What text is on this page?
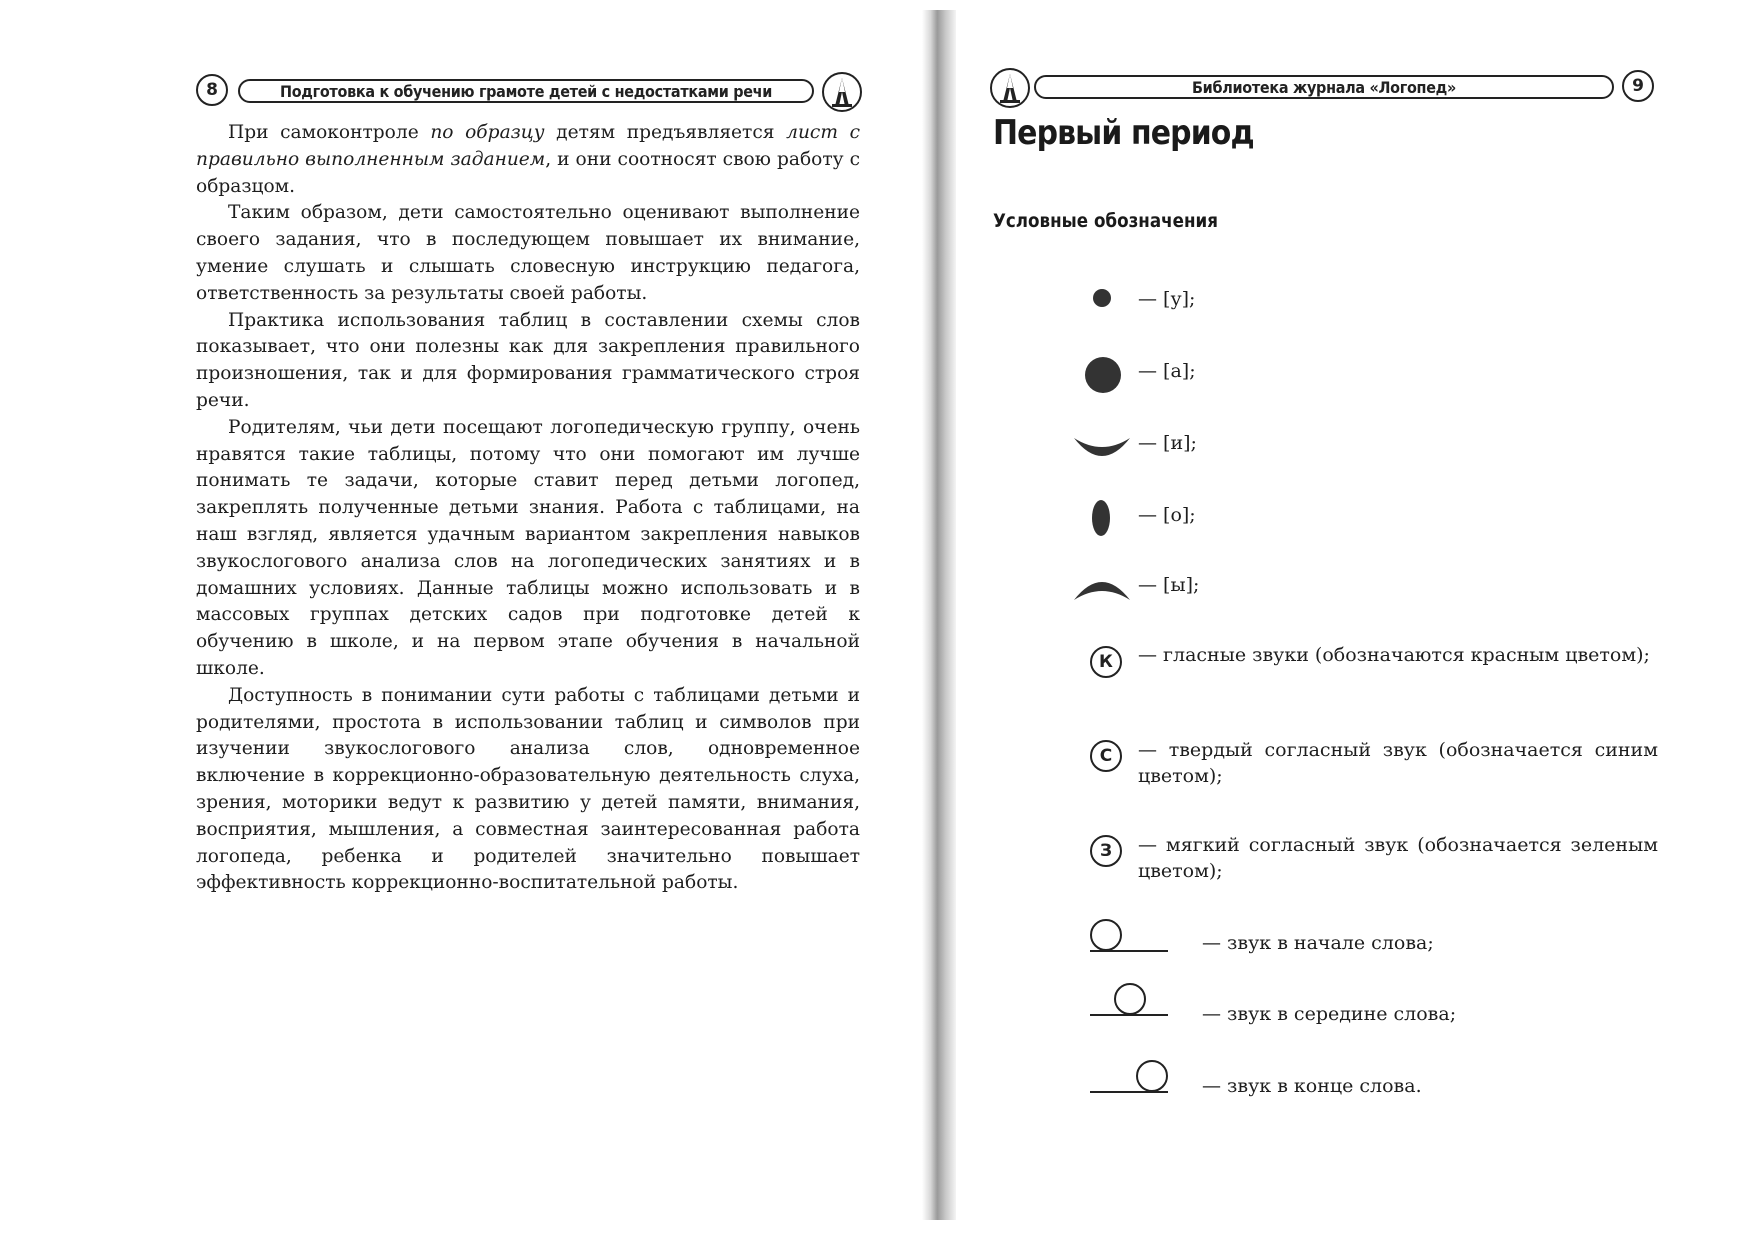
8	Подготовка к обучению грамоте детей с недостатками речи

При самоконтроле по образцу детям предъявляется лист с правильно выполненным заданием, и они соотносят свою работу с образцом.

Таким образом, дети самостоятельно оценивают выполнение своего задания, что в последующем повышает их внимание, умение слушать и слышать словесную инструкцию педагога, ответственность за результаты своей работы.

Практика использования таблиц в составлении схемы слов показывает, что они полезны как для закрепления правильного произношения, так и для формирования грамматического строя речи.

Родителям, чьи дети посещают логопедическую группу, очень нравятся такие таблицы, потому что они помогают им лучше понимать те задачи, которые ставит перед детьми логопед, закреплять полученные детьми знания. Работа с таблицами, на наш взгляд, является удачным вариантом закрепления навыков звукослогового анализа слов на логопедических занятиях и в домашних условиях. Данные таблицы можно использовать и в массовых группах детских садов при подготовке детей к обучению в школе, и на первом этапе обучения в начальной школе.

Доступность в понимании сути работы с таблицами детьми и родителями, простота в использовании таблиц и символов при изучении звукослогового анализа слов, одновременное включение в коррекционно-образовательную деятельность слуха, зрения, моторики ведут к развитию у детей памяти, внимания, восприятия, мышления, а совместная заинтересованная работа логопеда, ребенка и родителей значительно повышает эффективность коррекционно-воспитательной работы.

Библиотека журнала «Логопед»	9
Первый период
Условные обозначения
— [у];
— [а];
— [и];
— [о];
— [ы];
К	— гласные звуки (обозначаются красным цветом);
С	— твердый согласный звук (обозначается синим цветом);
З	— мягкий согласный звук (обозначается зеленым цветом);
— звук в начале слова;
— звук в середине слова;
— звук в конце слова.
